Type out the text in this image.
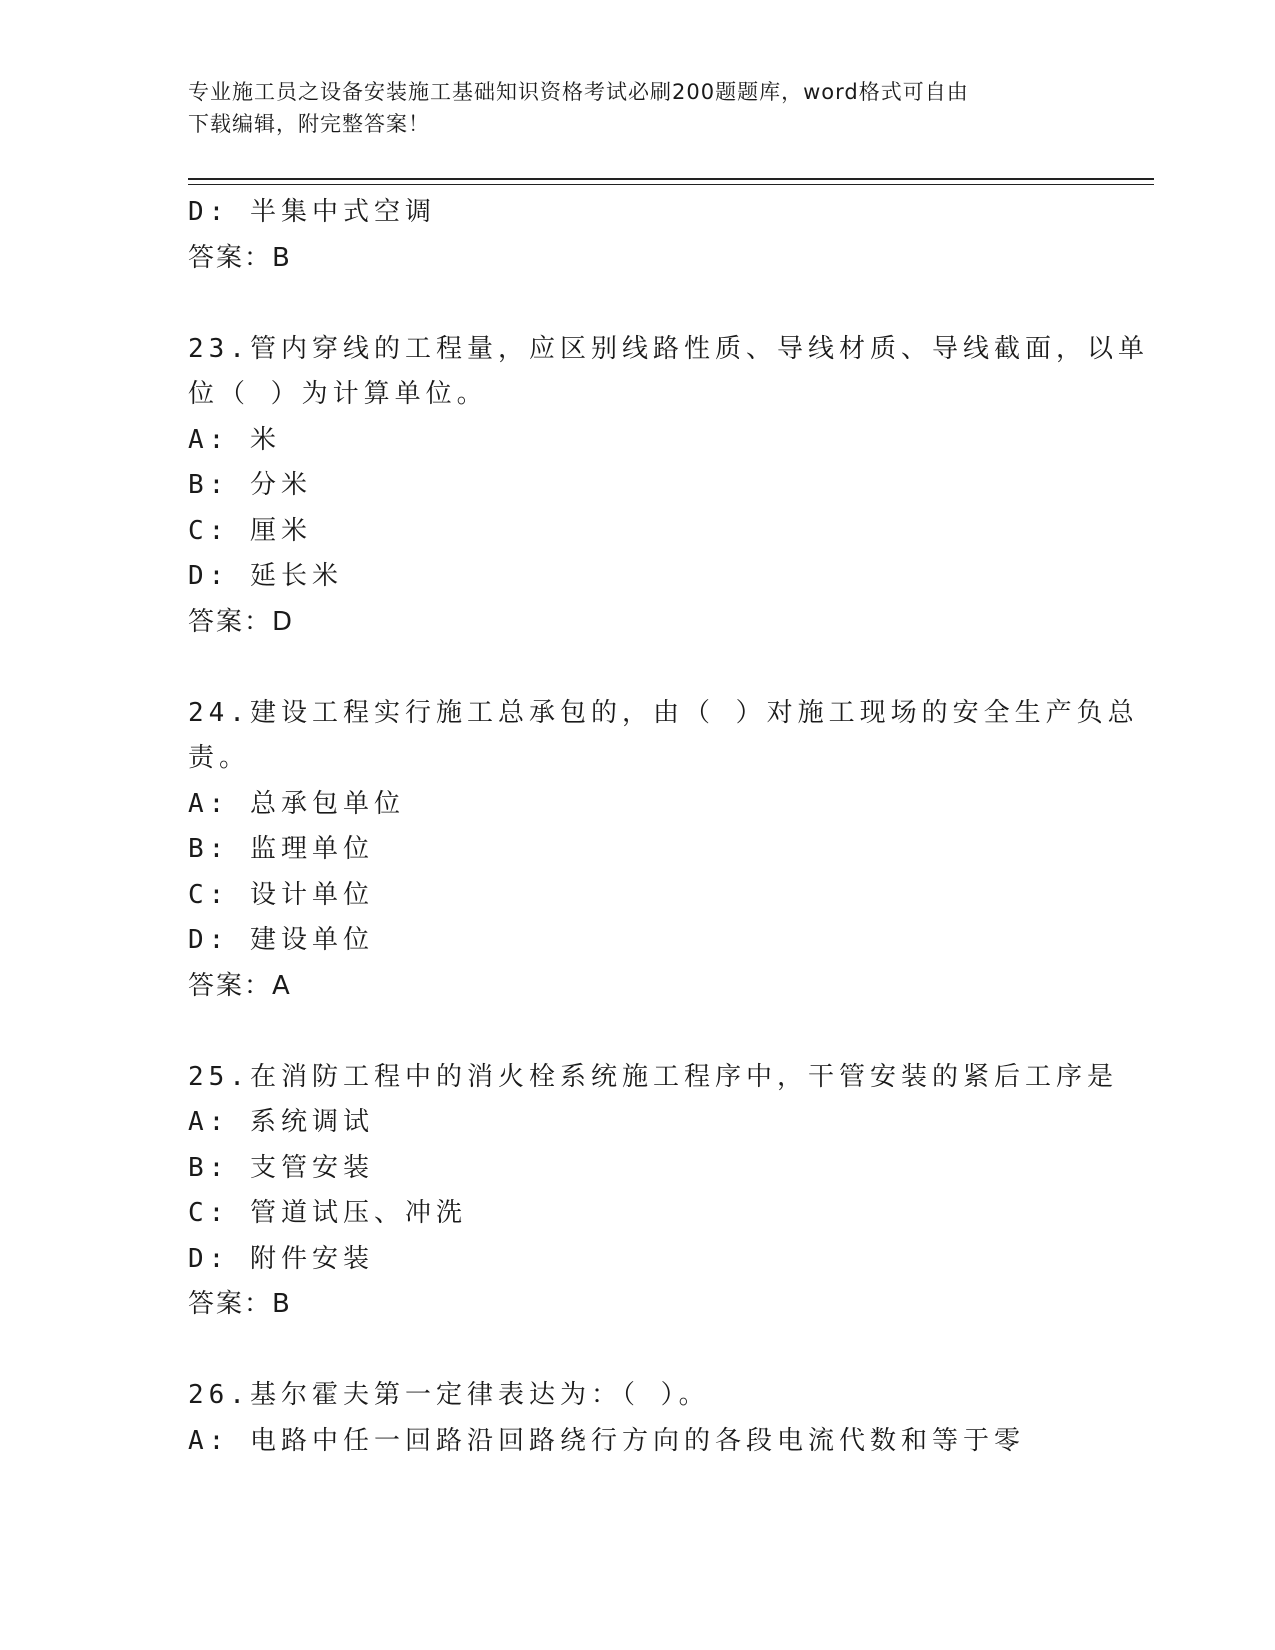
专业施工员之设备安装施工基础知识资格考试必刷200题题库，word格式可自由
下载编辑，附完整答案！
D: 半集中式空调
答案：B
23.管内穿线的工程量，应区别线路性质、导线材质、导线截面，以单
位（ ）为计算单位。
A: 米
B: 分米
C: 厘米
D: 延长米
答案：D
24.建设工程实行施工总承包的，由（ ）对施工现场的安全生产负总
责。
A: 总承包单位
B: 监理单位
C: 设计单位
D: 建设单位
答案：A
25.在消防工程中的消火栓系统施工程序中，干管安装的紧后工序是
A: 系统调试
B: 支管安装
C: 管道试压、冲洗
D: 附件安装
答案：B
26.基尔霍夫第一定律表达为：（ ）。
A: 电路中任一回路沿回路绕行方向的各段电流代数和等于零
